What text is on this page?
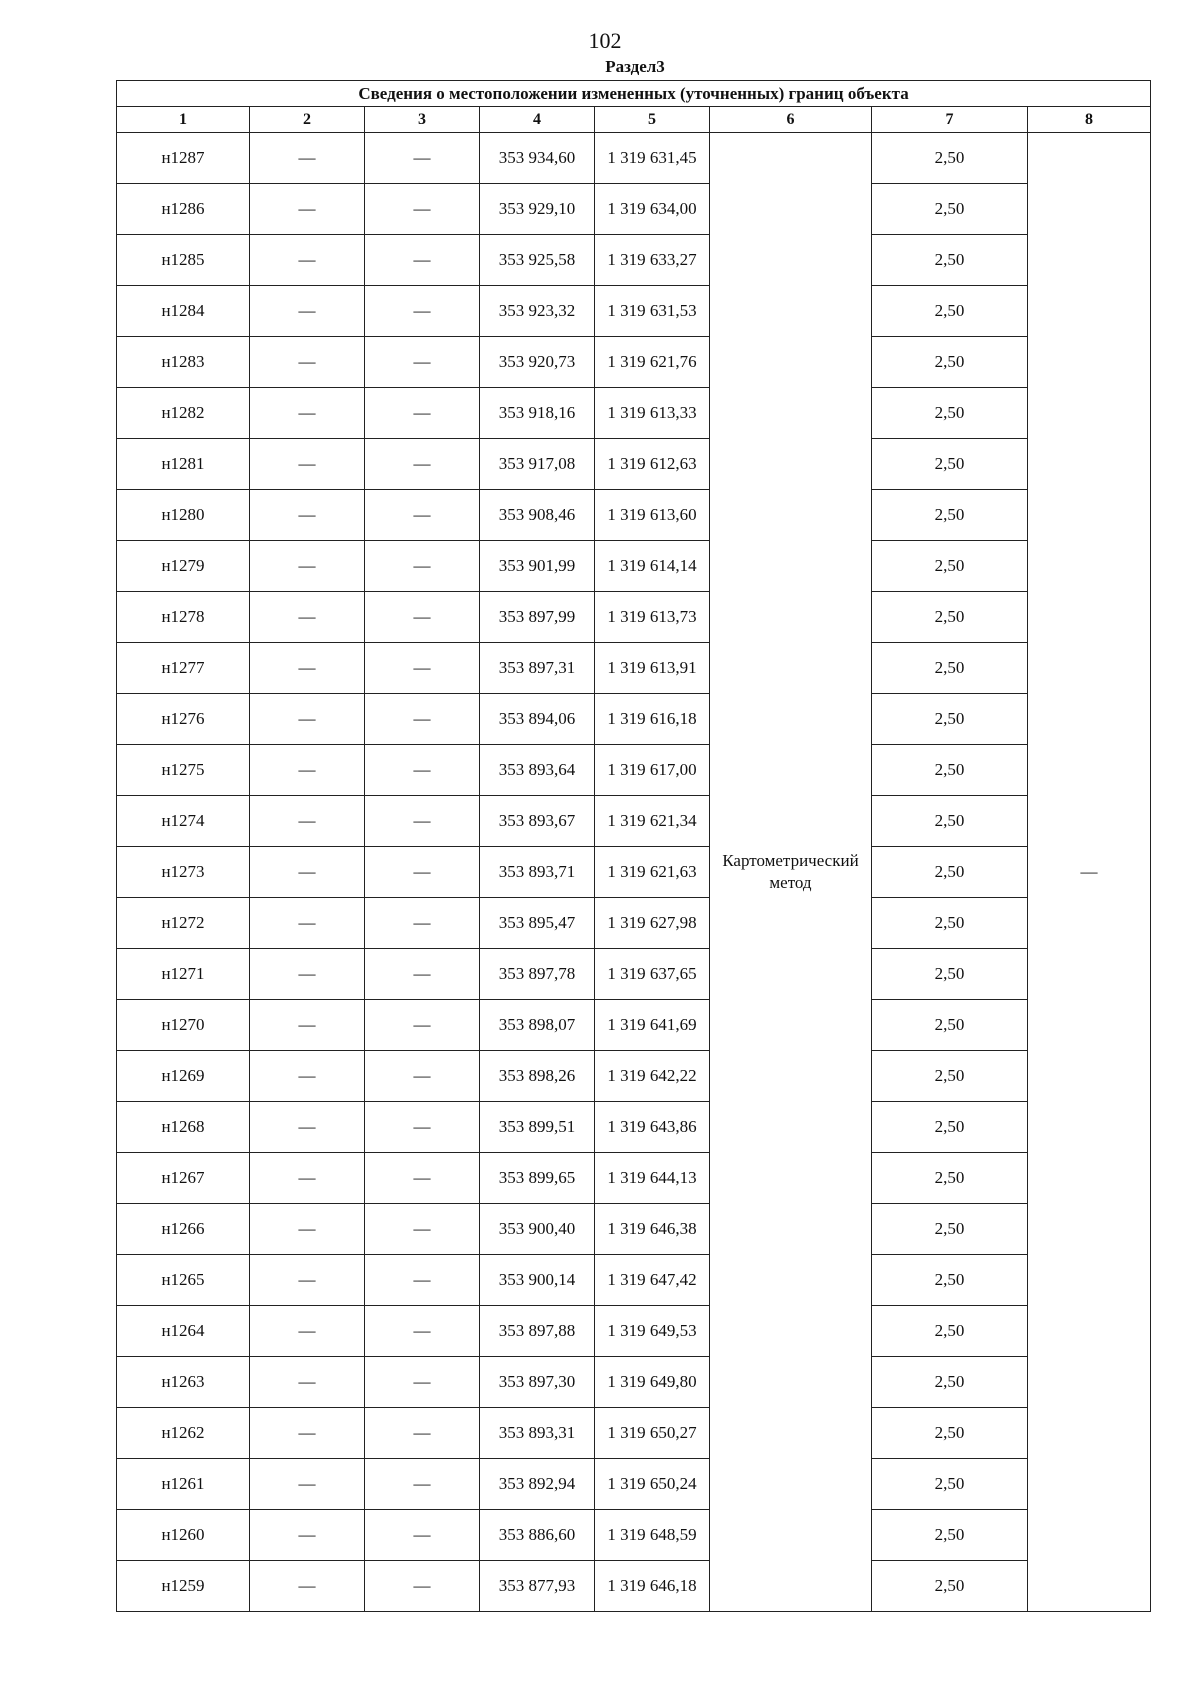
102
Раздел3
Сведения о местоположении измененных (уточненных) границ объекта							
1	2	3	4	5	6	7	8
н1287	—	—	353 934,60	1 319 631,45	Картометрический метод	2,50	—
н1286	—	—	353 929,10	1 319 634,00		2,50	
н1285	—	—	353 925,58	1 319 633,27		2,50	
н1284	—	—	353 923,32	1 319 631,53		2,50	
н1283	—	—	353 920,73	1 319 621,76		2,50	
н1282	—	—	353 918,16	1 319 613,33		2,50	
н1281	—	—	353 917,08	1 319 612,63		2,50	
н1280	—	—	353 908,46	1 319 613,60		2,50	
н1279	—	—	353 901,99	1 319 614,14		2,50	
н1278	—	—	353 897,99	1 319 613,73		2,50	
н1277	—	—	353 897,31	1 319 613,91		2,50	
н1276	—	—	353 894,06	1 319 616,18		2,50	
н1275	—	—	353 893,64	1 319 617,00		2,50	
н1274	—	—	353 893,67	1 319 621,34		2,50	
н1273	—	—	353 893,71	1 319 621,63		2,50	
н1272	—	—	353 895,47	1 319 627,98		2,50	
н1271	—	—	353 897,78	1 319 637,65		2,50	
н1270	—	—	353 898,07	1 319 641,69		2,50	
н1269	—	—	353 898,26	1 319 642,22		2,50	
н1268	—	—	353 899,51	1 319 643,86		2,50	
н1267	—	—	353 899,65	1 319 644,13		2,50	
н1266	—	—	353 900,40	1 319 646,38		2,50	
н1265	—	—	353 900,14	1 319 647,42		2,50	
н1264	—	—	353 897,88	1 319 649,53		2,50	
н1263	—	—	353 897,30	1 319 649,80		2,50	
н1262	—	—	353 893,31	1 319 650,27		2,50	
н1261	—	—	353 892,94	1 319 650,24		2,50	
н1260	—	—	353 886,60	1 319 648,59		2,50	
н1259	—	—	353 877,93	1 319 646,18		2,50	
